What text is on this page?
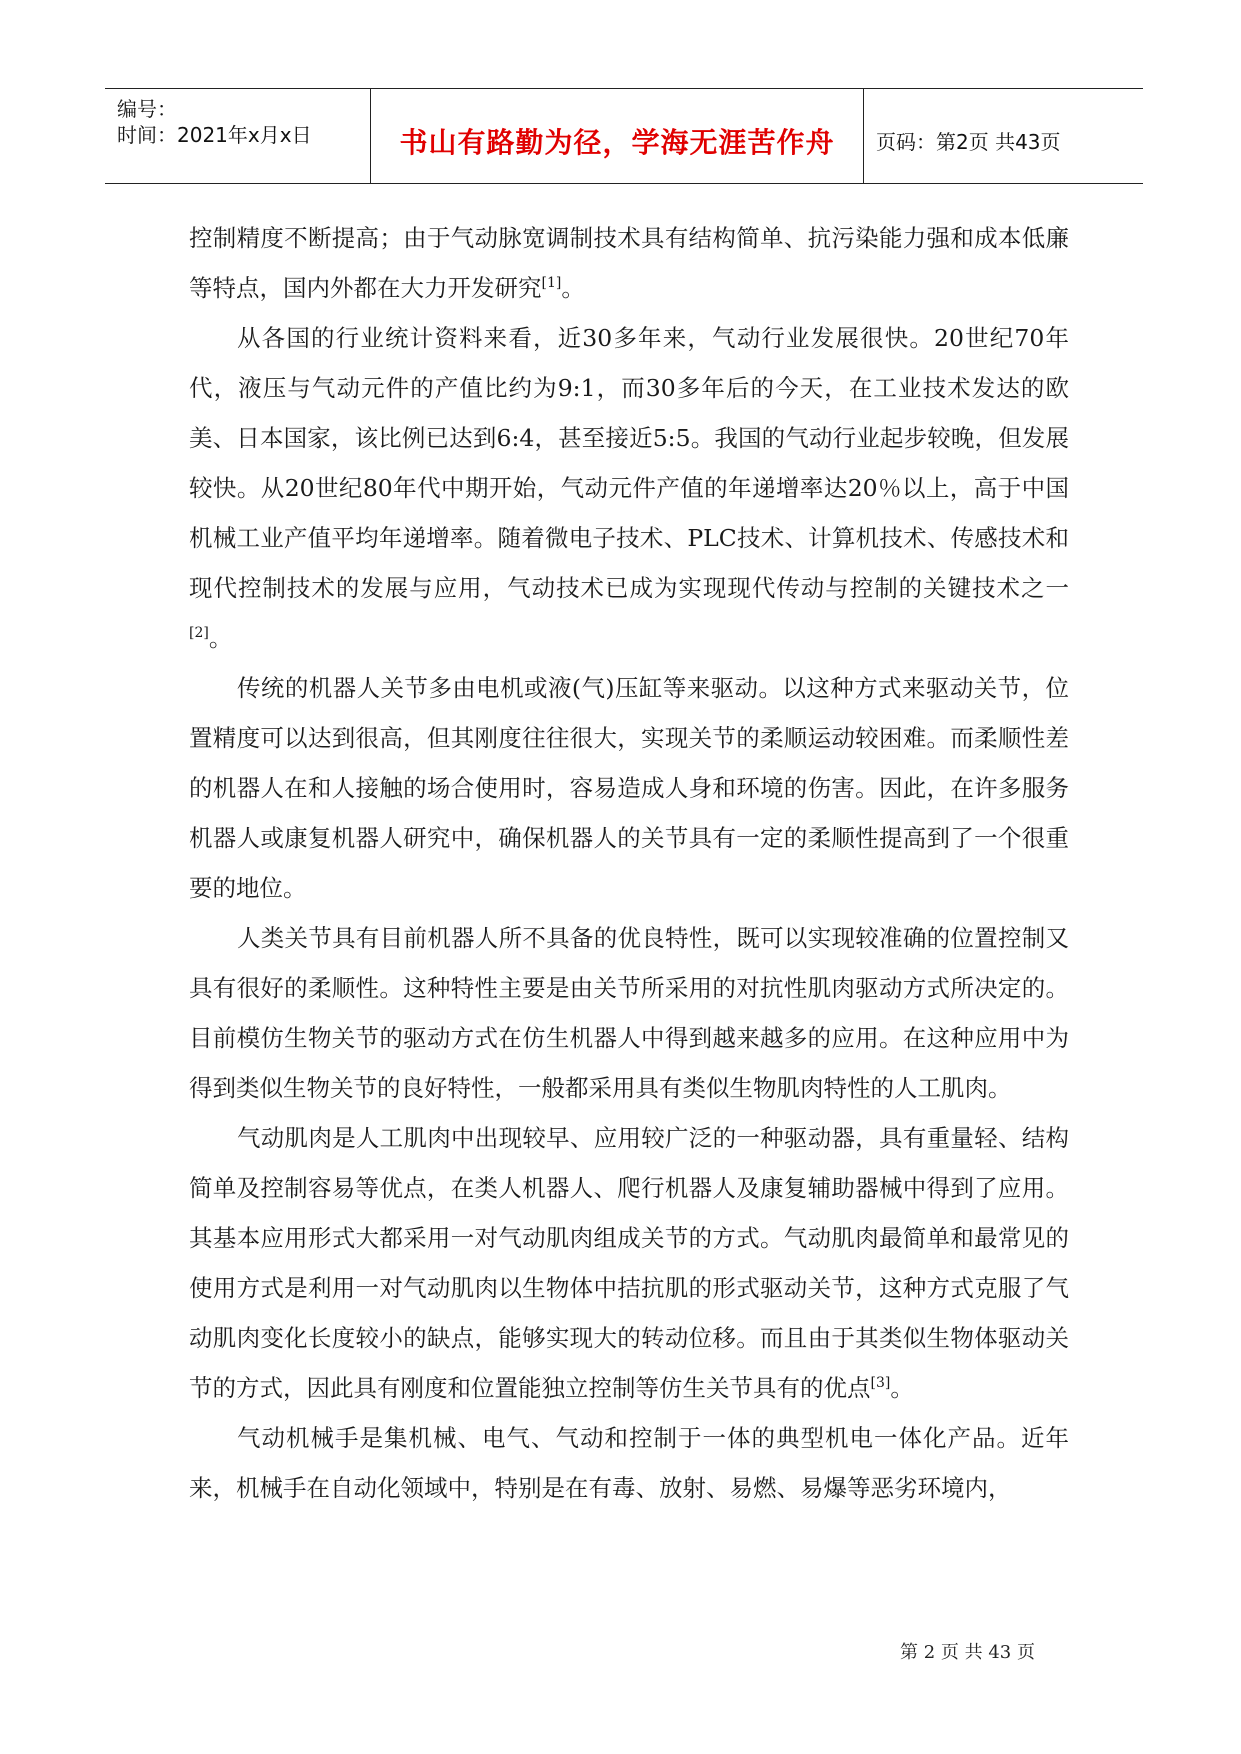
编号：
时间：2021年x月x日	书山有路勤为径，学海无涯苦作舟	页码：第2页 共43页

控制精度不断提高；由于气动脉宽调制技术具有结构简单、抗污染能力强和成本低廉等特点，国内外都在大力开发研究[1]。

从各国的行业统计资料来看，近30多年来，气动行业发展很快。20世纪70年代，液压与气动元件的产值比约为9:1，而30多年后的今天，在工业技术发达的欧美、日本国家，该比例已达到6:4，甚至接近5:5。我国的气动行业起步较晚，但发展较快。从20世纪80年代中期开始，气动元件产值的年递增率达20％以上，高于中国机械工业产值平均年递增率。随着微电子技术、PLC技术、计算机技术、传感技术和现代控制技术的发展与应用，气动技术已成为实现现代传动与控制的关键技术之一[2]。

传统的机器人关节多由电机或液(气)压缸等来驱动。以这种方式来驱动关节，位置精度可以达到很高，但其刚度往往很大，实现关节的柔顺运动较困难。而柔顺性差的机器人在和人接触的场合使用时，容易造成人身和环境的伤害。因此，在许多服务机器人或康复机器人研究中，确保机器人的关节具有一定的柔顺性提高到了一个很重要的地位。

人类关节具有目前机器人所不具备的优良特性，既可以实现较准确的位置控制又具有很好的柔顺性。这种特性主要是由关节所采用的对抗性肌肉驱动方式所决定的。目前模仿生物关节的驱动方式在仿生机器人中得到越来越多的应用。在这种应用中为得到类似生物关节的良好特性，一般都采用具有类似生物肌肉特性的人工肌肉。

气动肌肉是人工肌肉中出现较早、应用较广泛的一种驱动器，具有重量轻、结构简单及控制容易等优点，在类人机器人、爬行机器人及康复辅助器械中得到了应用。其基本应用形式大都采用一对气动肌肉组成关节的方式。气动肌肉最简单和最常见的使用方式是利用一对气动肌肉以生物体中拮抗肌的形式驱动关节，这种方式克服了气动肌肉变化长度较小的缺点，能够实现大的转动位移。而且由于其类似生物体驱动关节的方式，因此具有刚度和位置能独立控制等仿生关节具有的优点[3]。

气动机械手是集机械、电气、气动和控制于一体的典型机电一体化产品。近年来，机械手在自动化领域中，特别是在有毒、放射、易燃、易爆等恶劣环境内，

第 2 页 共 43 页
